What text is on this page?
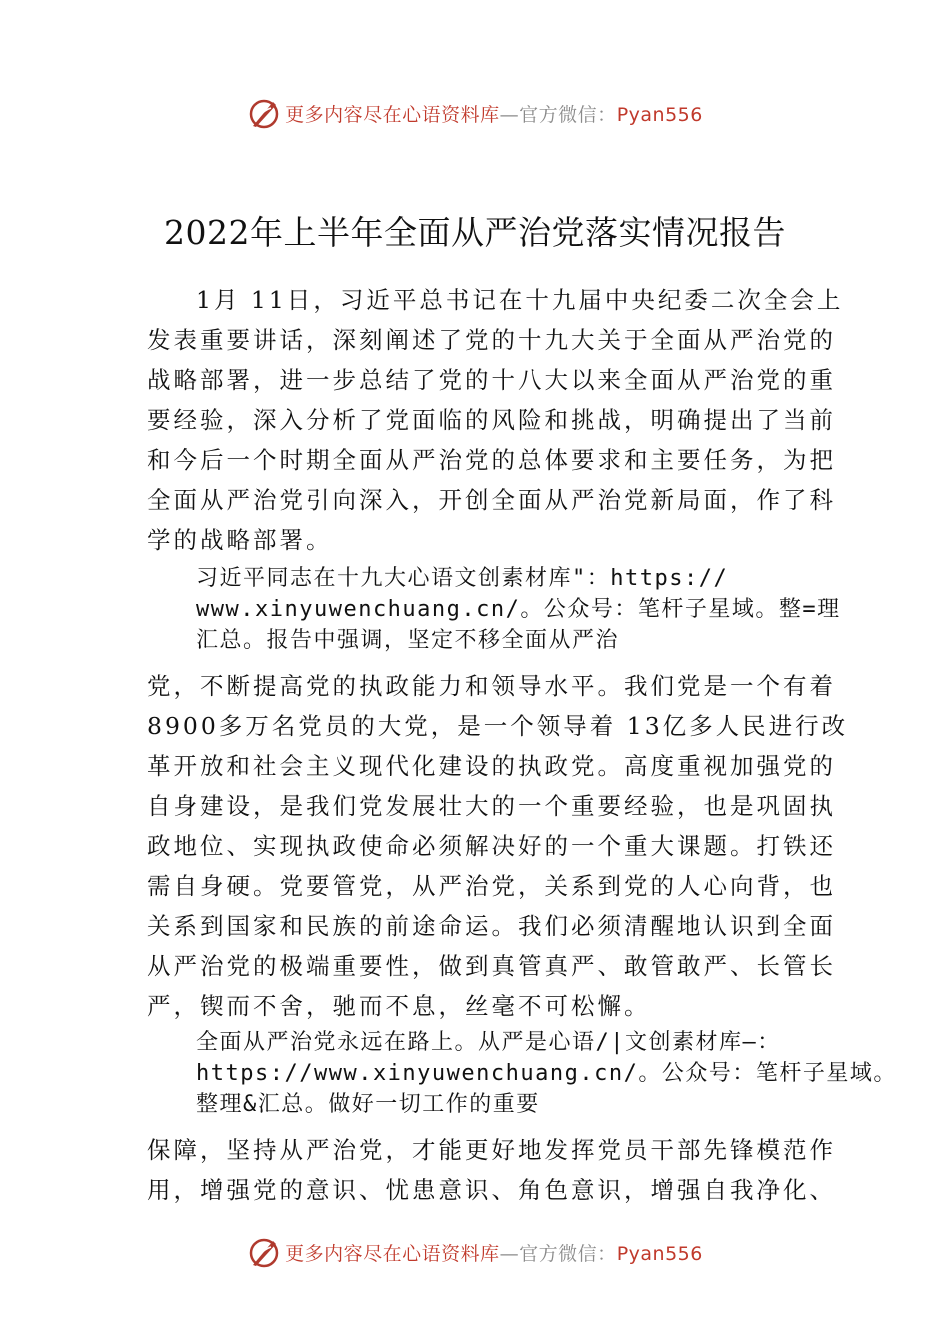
更多内容尽在心语资料库—官方微信：Pyan556
2022年上半年全面从严治党落实情况报告

1月 11日，习近平总书记在十九届中央纪委二次全会上
发表重要讲话，深刻阐述了党的十九大关于全面从严治党的
战略部署，进一步总结了党的十八大以来全面从严治党的重
要经验，深入分析了党面临的风险和挑战，明确提出了当前
和今后一个时期全面从严治党的总体要求和主要任务，为把
全面从严治党引向深入，开创全面从严治党新局面，作了科
学的战略部署。

习近平同志在十九大心语文创素材库"：https://
www.xinyuwenchuang.cn/。公众号：笔杆子星域。整=理
汇总。报告中强调，坚定不移全面从严治

党，不断提高党的执政能力和领导水平。我们党是一个有着
8900多万名党员的大党，是一个领导着 13亿多人民进行改
革开放和社会主义现代化建设的执政党。高度重视加强党的
自身建设，是我们党发展壮大的一个重要经验，也是巩固执
政地位、实现执政使命必须解决好的一个重大课题。打铁还
需自身硬。党要管党，从严治党，关系到党的人心向背，也
关系到国家和民族的前途命运。我们必须清醒地认识到全面
从严治党的极端重要性，做到真管真严、敢管敢严、长管长
严，锲而不舍，驰而不息，丝毫不可松懈。

全面从严治党永远在路上。从严是心语/|文创素材库—：
https://www.xinyuwenchuang.cn/。公众号：笔杆子星域。
整理&汇总。做好一切工作的重要

保障，坚持从严治党，才能更好地发挥党员干部先锋模范作
用，增强党的意识、忧患意识、角色意识，增强自我净化、

更多内容尽在心语资料库—官方微信：Pyan556
